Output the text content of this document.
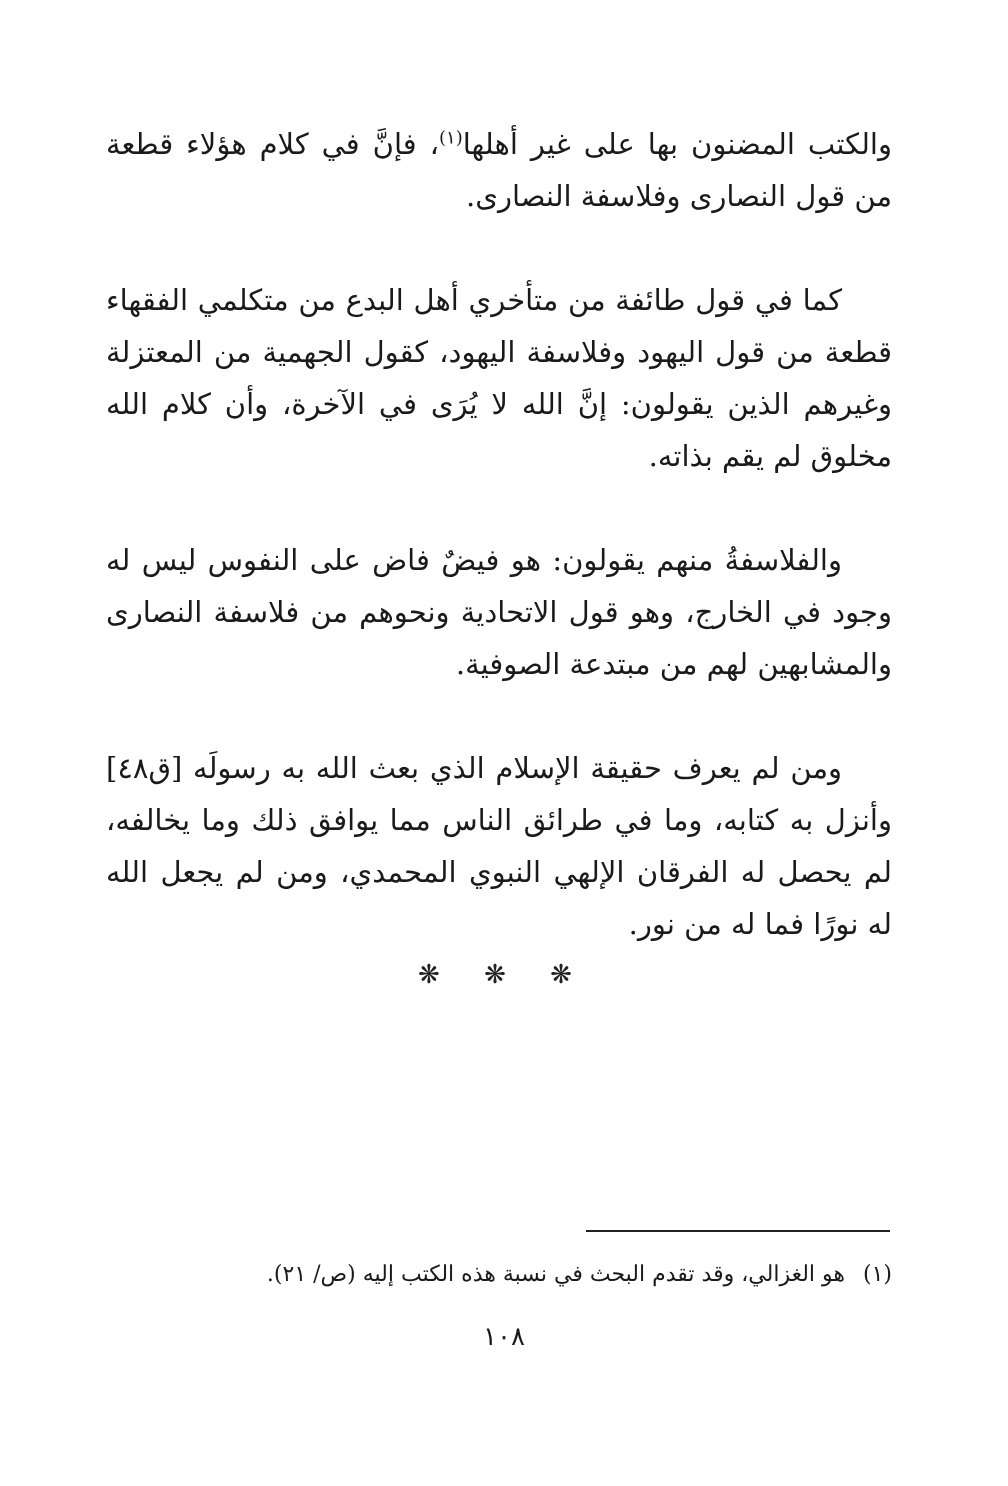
والكتب المضنون بها على غير أهلها$^{(١)}$، فإنَّ في كلام هؤلاء قطعة من قول النصارى وفلاسفة النصارى.

كما في قول طائفة من متأخري أهل البدع من متكلمي الفقهاء قطعة من قول اليهود وفلاسفة اليهود، كقول الجهمية من المعتزلة وغيرهم الذين يقولون: إنَّ الله لا يُرَى في الآخرة، وأن كلام الله مخلوق لم يقم بذاته.

والفلاسفةُ منهم يقولون: هو فيضٌ فاض على النفوس ليس له وجود في الخارج، وهو قول الاتحادية ونحوهم من فلاسفة النصارى والمشابهين لهم من مبتدعة الصوفية.

ومن لم يعرف حقيقة الإسلام الذي بعث الله به رسولَه [ق٤٨] وأنزل به كتابه، وما في طرائق الناس مما يوافق ذلك وما يخالفه، لم يحصل له الفرقان الإلهي النبوي المحمدي، ومن لم يجعل الله له نورًا فما له من نور.

❋ ❋ ❋
(١)هو الغزالي، وقد تقدم البحث في نسبة هذه الكتب إليه (ص/ ٢١).
١٠٨
